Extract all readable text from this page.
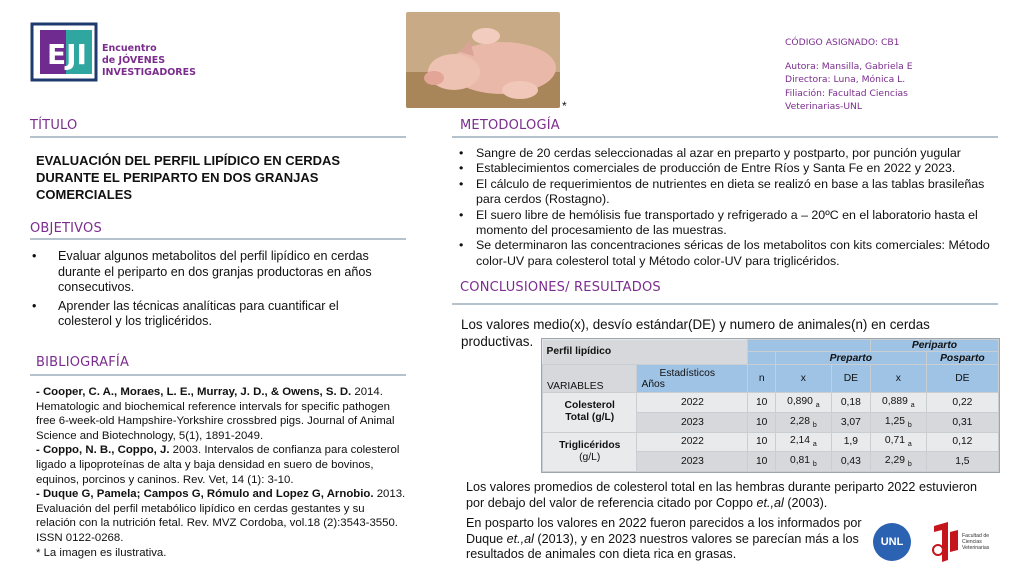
EJI Encuentro
de JÓVENES
INVESTIGADORES
*
CÓDIGO ASIGNADO: CB1
Autora: Mansilla, Gabriela E
Directora: Luna, Mónica L.
Filiación: Facultad Ciencias
Veterinarias-UNL
TÍTULO
EVALUACIÓN DEL PERFIL LIPÍDICO EN CERDAS DURANTE EL PERIPARTO EN DOS GRANJAS COMERCIALES
OBJETIVOS
• Evaluar algunos metabolitos del perfil lipídico en cerdas durante el periparto en dos granjas productoras en años consecutivos.
• Aprender las técnicas analíticas para cuantificar el colesterol y los triglicéridos.
BIBLIOGRAFÍA

- Cooper, C. A., Moraes, L. E., Murray, J. D., & Owens, S. D. 2014. Hematologic and biochemical reference intervals for specific pathogen free 6-week-old Hampshire-Yorkshire crossbred pigs. Journal of Animal Science and Biotechnology, 5(1), 1891-2049.

- Coppo, N. B., Coppo, J. 2003. Intervalos de confianza para colesterol ligado a lipoproteínas de alta y baja densidad en suero de bovinos, equinos, porcinos y caninos. Rev. Vet, 14 (1): 3-10.

- Duque G, Pamela; Campos G, Rómulo and Lopez G, Arnobio. 2013. Evaluación del perfil metabólico lipídico en cerdas gestantes y su relación con la nutrición fetal. Rev. MVZ Cordoba, vol.18 (2):3543-3550. ISSN 0122-0268.

* La imagen es ilustrativa.

METODOLOGÍA
• Sangre de 20 cerdas seleccionadas al azar en preparto y postparto, por punción yugular
• Establecimientos comerciales de producción de Entre Ríos y Santa Fe en 2022 y 2023.
• El cálculo de requerimientos de nutrientes en dieta se realizó en base a las tablas brasileñas para cerdos (Rostagno).
• El suero libre de hemólisis fue transportado y refrigerado a – 20ºC en el laboratorio hasta el momento del procesamiento de las muestras.
• Se determinaron las concentraciones séricas de los metabolitos con kits comerciales: Método color-UV para colesterol total y Método color-UV para triglicéridos.
CONCLUSIONES/ RESULTADOS
Los valores medio(x), desvío estándar(DE) y numero de animales(n) en cerdas productivas.
Perfil lipídico					Periparto	
			Preparto			Posparto
VARIABLES	Estadísticos
Años	n	x	DE	x	DE

Colesterol
Total (g/L)	2022	10	0,890 $_a$	0,18	0,889 $_a$	0,22
	2023	10	2,28 $_b$	3,07	1,25 $_b$	0,31

Triglicéridos
(g/L)	2022	10	2,14 $_a$	1,9	0,71 $_a$	0,12
	2023	10	0,81 $_b$	0,43	2,29 $_b$	1,5

Los valores promedios de colesterol total en las hembras durante periparto 2022 estuvieron por debajo del valor de referencia citado por Coppo et.,al (2003).

En posparto los valores en 2022 fueron parecidos a los informados por Duque et.,al (2013), y en 2023 nuestros valores se parecían más a los resultados de animales con dieta rica en grasas.

UNL	Facultad de
Ciencias
Veterinarias
